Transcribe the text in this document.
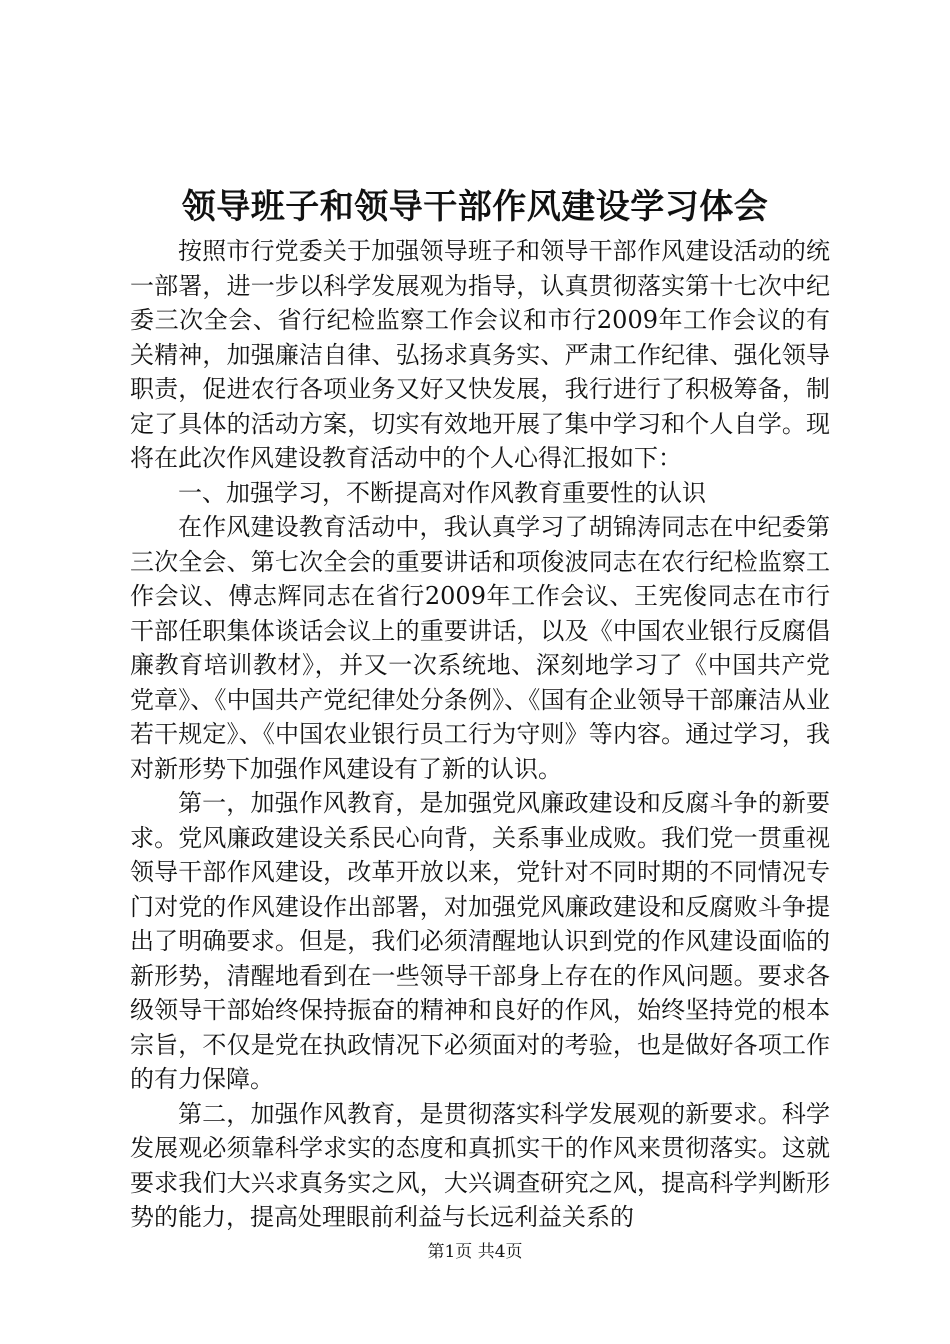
领导班子和领导干部作风建设学习体会

按照市行党委关于加强领导班子和领导干部作风建设活动的统一部署，进一步以科学发展观为指导，认真贯彻落实第十七次中纪委三次全会、省行纪检监察工作会议和市行2009年工作会议的有关精神，加强廉洁自律、弘扬求真务实、严肃工作纪律、强化领导职责，促进农行各项业务又好又快发展，我行进行了积极筹备，制定了具体的活动方案，切实有效地开展了集中学习和个人自学。现将在此次作风建设教育活动中的个人心得汇报如下：

一、加强学习，不断提高对作风教育重要性的认识

在作风建设教育活动中，我认真学习了胡锦涛同志在中纪委第三次全会、第七次全会的重要讲话和项俊波同志在农行纪检监察工作会议、傅志辉同志在省行2009年工作会议、王宪俊同志在市行干部任职集体谈话会议上的重要讲话，以及《中国农业银行反腐倡廉教育培训教材》，并又一次系统地、深刻地学习了《中国共产党党章》、《中国共产党纪律处分条例》、《国有企业领导干部廉洁从业若干规定》、《中国农业银行员工行为守则》等内容。通过学习，我对新形势下加强作风建设有了新的认识。

第一，加强作风教育，是加强党风廉政建设和反腐斗争的新要求。党风廉政建设关系民心向背，关系事业成败。我们党一贯重视领导干部作风建设，改革开放以来，党针对不同时期的不同情况专门对党的作风建设作出部署，对加强党风廉政建设和反腐败斗争提出了明确要求。但是，我们必须清醒地认识到党的作风建设面临的新形势，清醒地看到在一些领导干部身上存在的作风问题。要求各级领导干部始终保持振奋的精神和良好的作风，始终坚持党的根本宗旨，不仅是党在执政情况下必须面对的考验，也是做好各项工作的有力保障。

第二，加强作风教育，是贯彻落实科学发展观的新要求。科学发展观必须靠科学求实的态度和真抓实干的作风来贯彻落实。这就要求我们大兴求真务实之风，大兴调查研究之风，提高科学判断形势的能力，提高处理眼前利益与长远利益关系的

第1页 共4页
